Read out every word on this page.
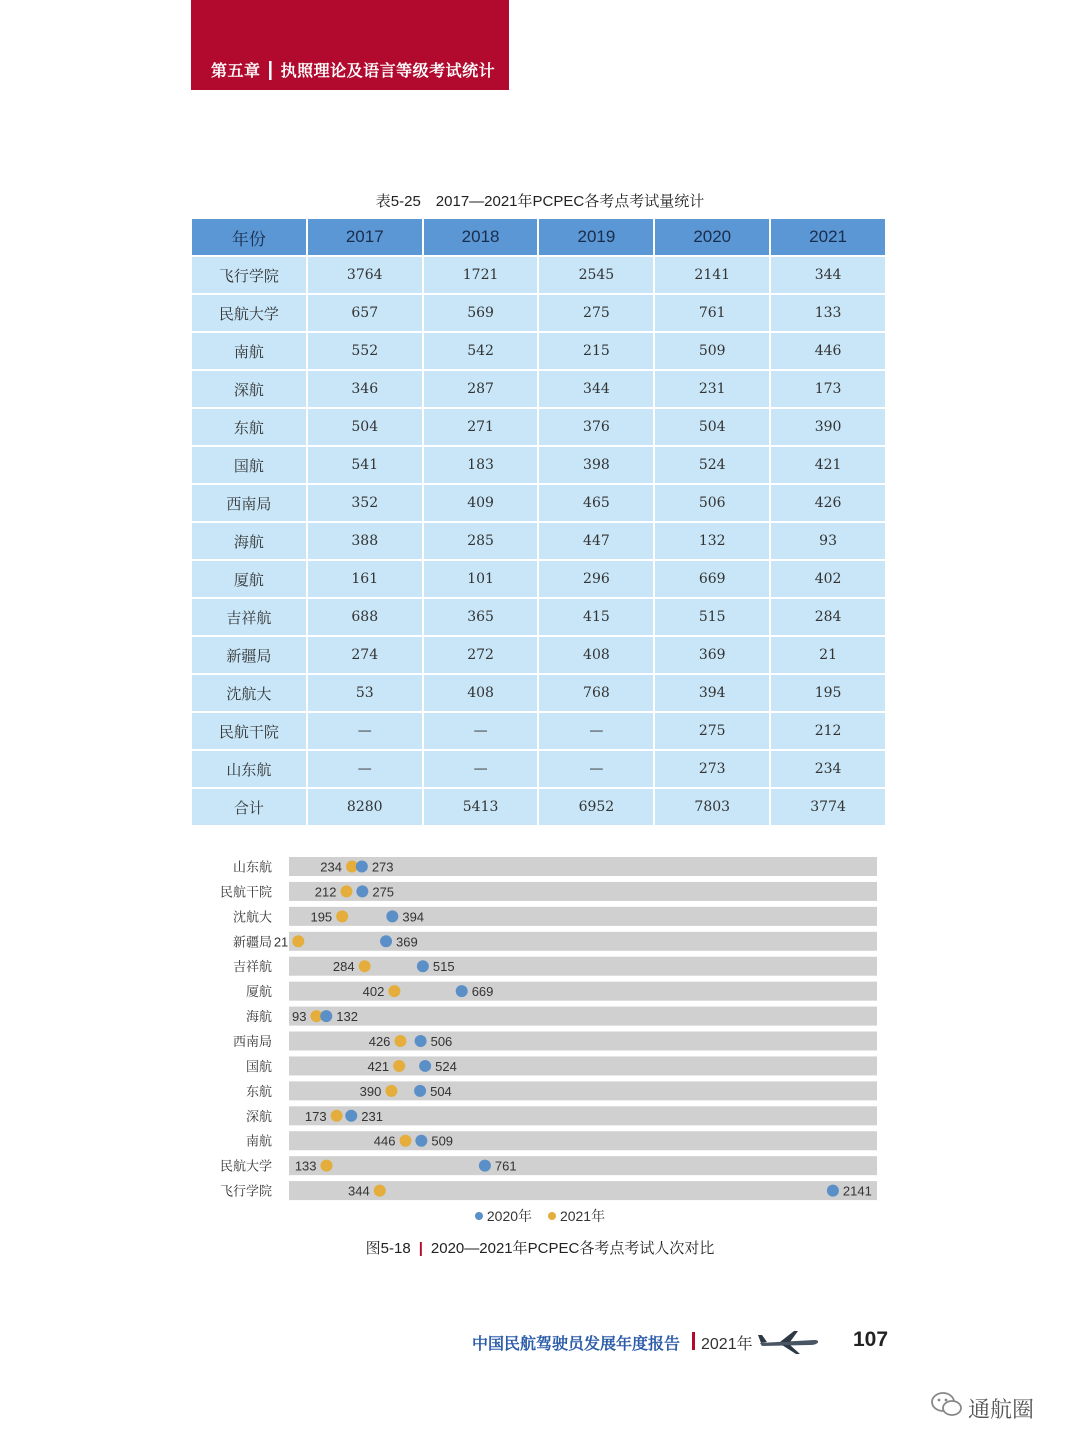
第五章 ┃ 执照理论及语言等级考试统计
表5-25　2017—2021年PCPEC各考点考试量统计
年份	2017	2018	2019	2020	2021
飞行学院	3764	1721	2545	2141	344
民航大学	657	569	275	761	133
南航	552	542	215	509	446
深航	346	287	344	231	173
东航	504	271	376	504	390
国航	541	183	398	524	421
西南局	352	409	465	506	426
海航	388	285	447	132	93
厦航	161	101	296	669	402
吉祥航	688	365	415	515	284
新疆局	274	272	408	369	21
沈航大	53	408	768	394	195
民航干院	—	—	—	275	212
山东航	—	—	—	273	234
合计	8280	5413	6952	7803	3774
山东航	234 273
民航干院	212	275
沈航大	195	394
新疆局 21	369
吉祥航	284	515
厦航	402	669
海航 93 132
西南局	426	506
国航	421	524
东航	390	504
深航	173	231
南航	446	509
民航大学 133	761
飞行学院	344	2141
2020年 2021年
图5-18 | 2020—2021年PCPEC各考点考试人次对比
中国民航驾驶员发展年度报告 2021年	107
通航圈
